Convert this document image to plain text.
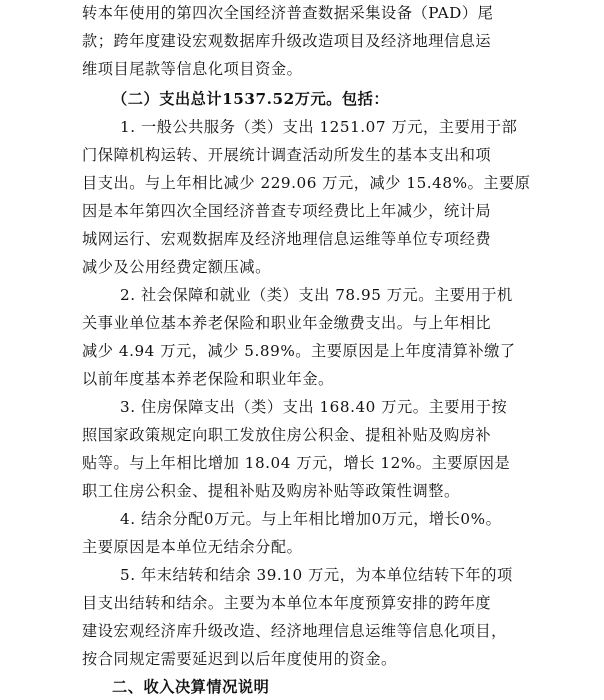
转本年使用的第四次全国经济普查数据采集设备（PAD）尾
款；跨年度建设宏观数据库升级改造项目及经济地理信息运
维项目尾款等信息化项目资金。
（二）支出总计1537.52万元。包括：
1. 一般公共服务（类）支出 1251.07 万元，主要用于部
门保障机构运转、开展统计调查活动所发生的基本支出和项
目支出。与上年相比减少 229.06 万元，减少 15.48%。主要原
因是本年第四次全国经济普查专项经费比上年减少，统计局
城网运行、宏观数据库及经济地理信息运维等单位专项经费
减少及公用经费定额压减。
2. 社会保障和就业（类）支出 78.95 万元。主要用于机
关事业单位基本养老保险和职业年金缴费支出。与上年相比
减少 4.94 万元，减少 5.89%。主要原因是上年度清算补缴了
以前年度基本养老保险和职业年金。
3. 住房保障支出（类）支出 168.40 万元。主要用于按
照国家政策规定向职工发放住房公积金、提租补贴及购房补
贴等。与上年相比增加 18.04 万元，增长 12%。主要原因是
职工住房公积金、提租补贴及购房补贴等政策性调整。
4. 结余分配0万元。与上年相比增加0万元，增长0%。
主要原因是本单位无结余分配。
5. 年末结转和结余 39.10 万元，为本单位结转下年的项
目支出结转和结余。主要为本单位本年度预算安排的跨年度
建设宏观经济库升级改造、经济地理信息运维等信息化项目，
按合同规定需要延迟到以后年度使用的资金。
二、收入决算情况说明
